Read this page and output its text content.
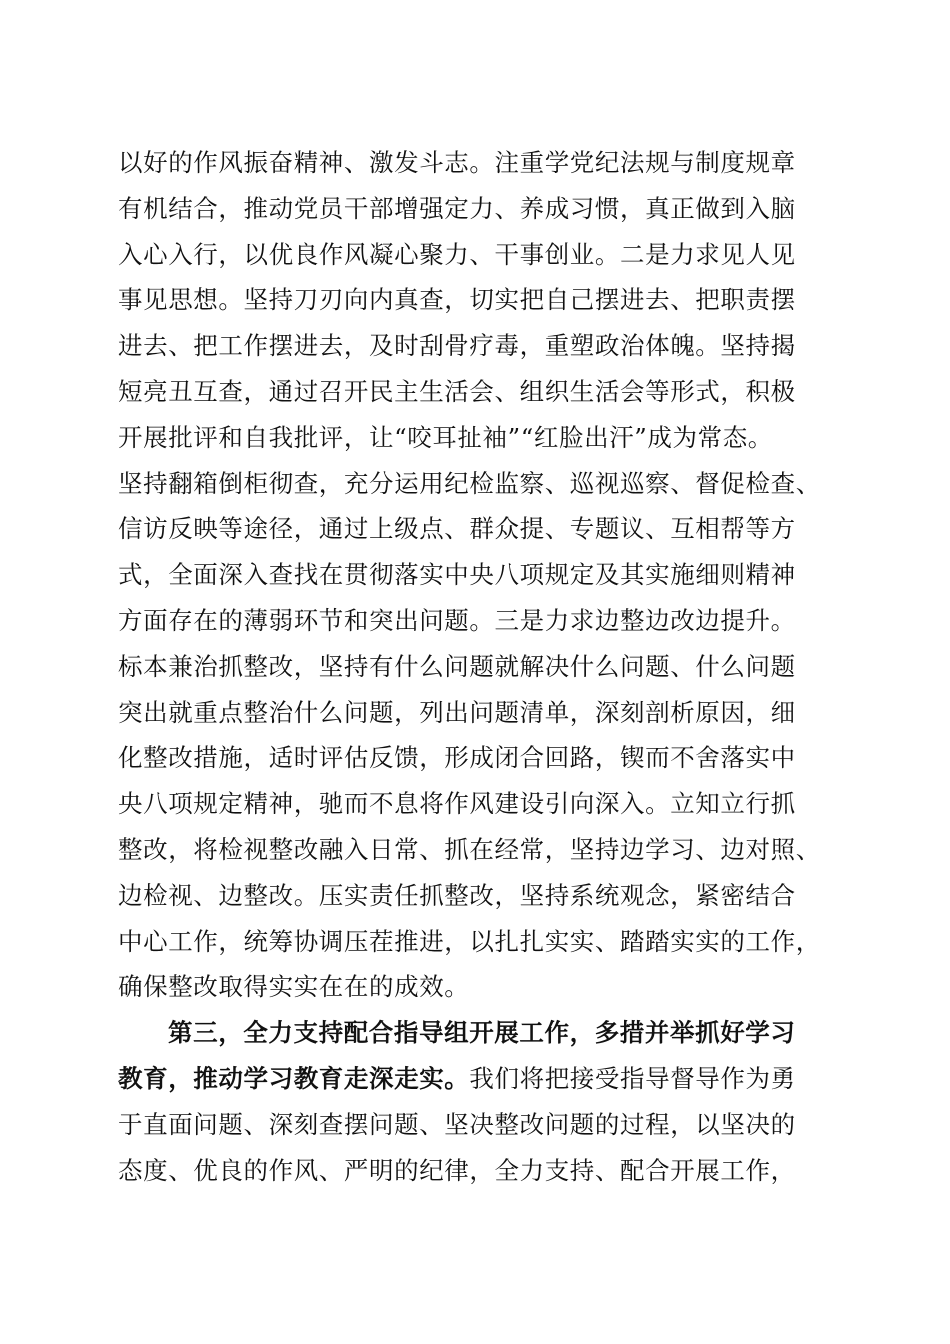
以好的作风振奋精神、激发斗志。注重学党纪法规与制度规章
有机结合，推动党员干部增强定力、养成习惯，真正做到入脑
入心入行，以优良作风凝心聚力、干事创业。二是力求见人见
事见思想。坚持刀刃向内真查，切实把自己摆进去、把职责摆
进去、把工作摆进去，及时刮骨疗毒，重塑政治体魄。坚持揭
短亮丑互查，通过召开民主生活会、组织生活会等形式，积极
开展批评和自我批评，让“咬耳扯袖”“红脸出汗”成为常态。
坚持翻箱倒柜彻查，充分运用纪检监察、巡视巡察、督促检查、
信访反映等途径，通过上级点、群众提、专题议、互相帮等方
式，全面深入查找在贯彻落实中央八项规定及其实施细则精神
方面存在的薄弱环节和突出问题。三是力求边整边改边提升。
标本兼治抓整改，坚持有什么问题就解决什么问题、什么问题
突出就重点整治什么问题，列出问题清单，深刻剖析原因，细
化整改措施，适时评估反馈，形成闭合回路，锲而不舍落实中
央八项规定精神，驰而不息将作风建设引向深入。立知立行抓
整改，将检视整改融入日常、抓在经常，坚持边学习、边对照、
边检视、边整改。压实责任抓整改，坚持系统观念，紧密结合
中心工作，统筹协调压茬推进，以扎扎实实、踏踏实实的工作，
确保整改取得实实在在的成效。
第三，全力支持配合指导组开展工作，多措并举抓好学习
教育，推动学习教育走深走实。我们将把接受指导督导作为勇
于直面问题、深刻查摆问题、坚决整改问题的过程，以坚决的
态度、优良的作风、严明的纪律，全力支持、配合开展工作，
